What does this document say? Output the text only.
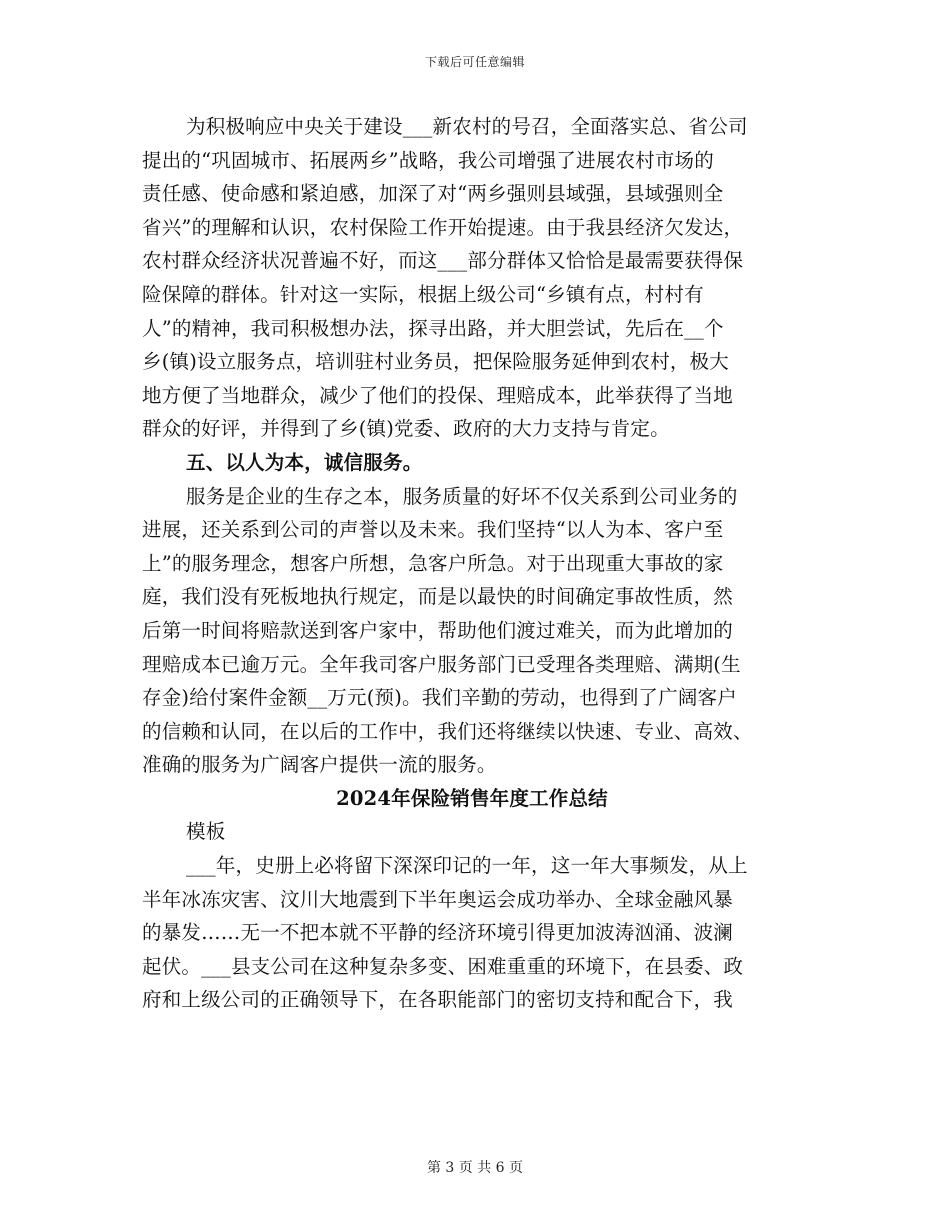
下载后可任意编辑
为积极响应中央关于建设___新农村的号召，全面落实总、省公司
提出的“巩固城市、拓展两乡”战略，我公司增强了进展农村市场的
责任感、使命感和紧迫感，加深了对“两乡强则县域强，县域强则全
省兴”的理解和认识，农村保险工作开始提速。由于我县经济欠发达，
农村群众经济状况普遍不好，而这___部分群体又恰恰是最需要获得保
险保障的群体。针对这一实际，根据上级公司“乡镇有点，村村有
人”的精神，我司积极想办法，探寻出路，并大胆尝试，先后在__个
乡(镇)设立服务点，培训驻村业务员，把保险服务延伸到农村，极大
地方便了当地群众，减少了他们的投保、理赔成本，此举获得了当地
群众的好评，并得到了乡(镇)党委、政府的大力支持与肯定。
五、以人为本，诚信服务。
服务是企业的生存之本，服务质量的好坏不仅关系到公司业务的
进展，还关系到公司的声誉以及未来。我们坚持“以人为本、客户至
上”的服务理念，想客户所想，急客户所急。对于出现重大事故的家
庭，我们没有死板地执行规定，而是以最快的时间确定事故性质，然
后第一时间将赔款送到客户家中，帮助他们渡过难关，而为此增加的
理赔成本已逾万元。全年我司客户服务部门已受理各类理赔、满期(生
存金)给付案件金额__万元(预)。我们辛勤的劳动，也得到了广阔客户
的信赖和认同，在以后的工作中，我们还将继续以快速、专业、高效、
准确的服务为广阔客户提供一流的服务。
2024年保险销售年度工作总结
模板
___年，史册上必将留下深深印记的一年，这一年大事频发，从上
半年冰冻灾害、汶川大地震到下半年奥运会成功举办、全球金融风暴
的暴发……无一不把本就不平静的经济环境引得更加波涛汹涌、波澜
起伏。___县支公司在这种复杂多变、困难重重的环境下，在县委、政
府和上级公司的正确领导下，在各职能部门的密切支持和配合下，我
第 3 页 共 6 页
